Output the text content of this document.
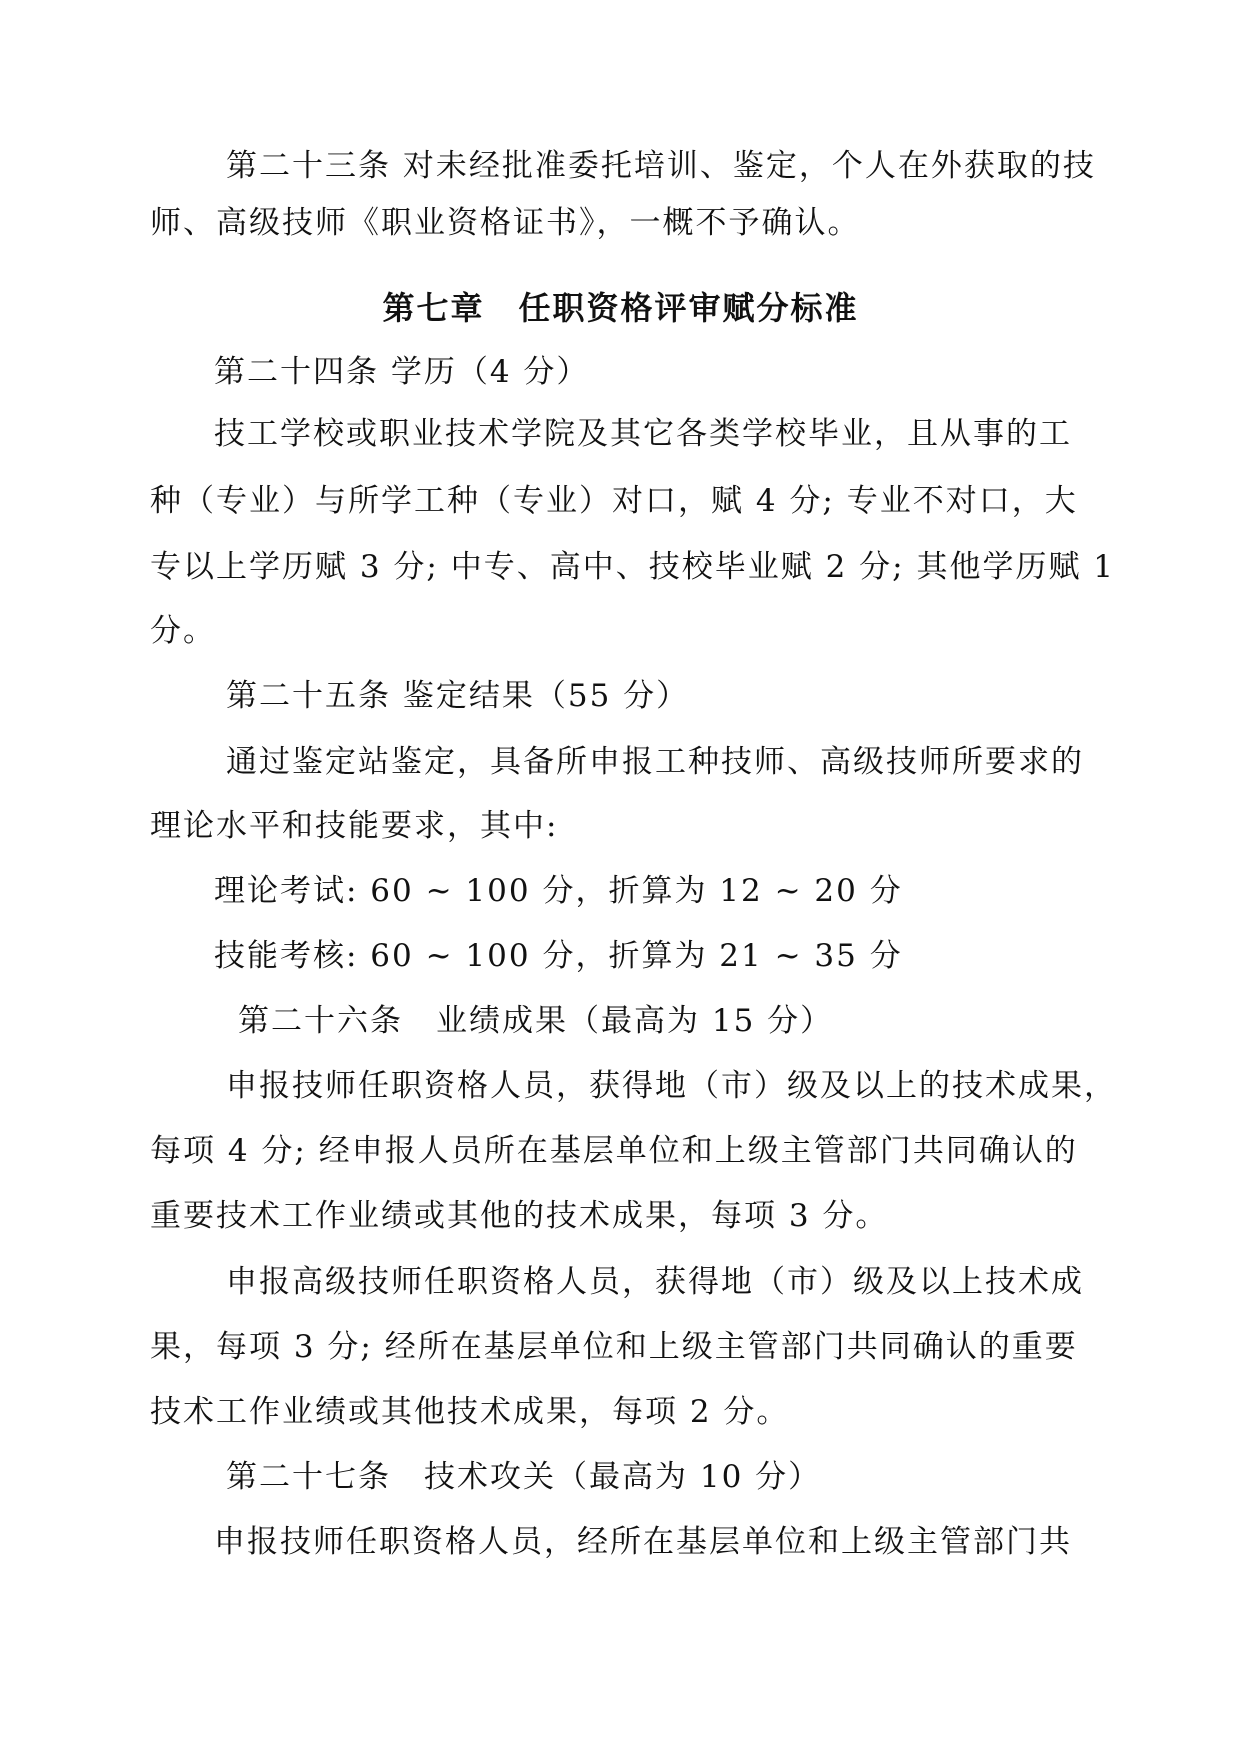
第二十三条 对未经批准委托培训、鉴定，个人在外获取的技
师、高级技师《职业资格证书》，一概不予确认。
第七章　任职资格评审赋分标准
第二十四条 学历（4 分）
技工学校或职业技术学院及其它各类学校毕业，且从事的工
种（专业）与所学工种（专业）对口，赋 4 分; 专业不对口，大
专以上学历赋 3 分; 中专、高中、技校毕业赋 2 分; 其他学历赋 1
分。
第二十五条 鉴定结果（55 分）
通过鉴定站鉴定，具备所申报工种技师、高级技师所要求的
理论水平和技能要求，其中:
理论考试: 60 ~ 100 分，折算为 12 ~ 20 分
技能考核: 60 ~ 100 分，折算为 21 ~ 35 分
第二十六条　业绩成果（最高为 15 分）
申报技师任职资格人员，获得地（市）级及以上的技术成果，
每项 4 分; 经申报人员所在基层单位和上级主管部门共同确认的
重要技术工作业绩或其他的技术成果，每项 3 分。
申报高级技师任职资格人员，获得地（市）级及以上技术成
果，每项 3 分; 经所在基层单位和上级主管部门共同确认的重要
技术工作业绩或其他技术成果，每项 2 分。
第二十七条　技术攻关（最高为 10 分）
申报技师任职资格人员，经所在基层单位和上级主管部门共
